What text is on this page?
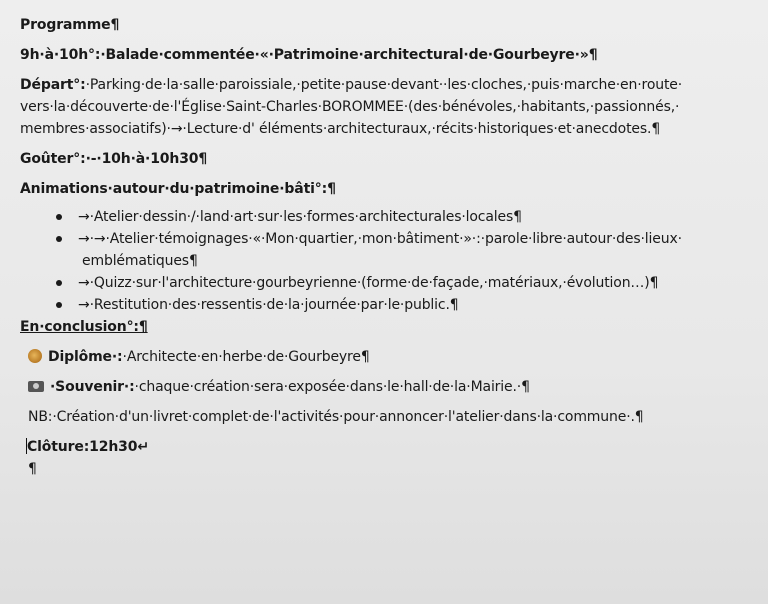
Programme¶
9h·à·10h°:·Balade·commentée·«·Patrimoine·architectural·de·Gourbeyre·»¶
Départ°:·Parking·de·la·salle·paroissiale,·petite·pause·devant··les·cloches,·puis·marche·en·route·
vers·la·découverte·de·l'Église·Saint-Charles·BOROMMEE·(des·bénévoles,·habitants,·passionnés,·
membres·associatifs)·→·Lecture·d' éléments·architecturaux,·récits·historiques·et·anecdotes.¶
Goûter°:·-·10h·à·10h30¶
Animations·autour·du·patrimoine·bâti°:¶
→·Atelier·dessin·/·land·art·sur·les·formes·architecturales·locales¶
→·→·Atelier·témoignages·«·Mon·quartier,·mon·bâtiment·»·:·parole·libre·autour·des·lieux·
emblématiques¶
→·Quizz·sur·l'architecture·gourbeyrienne·(forme·de·façade,·matériaux,·évolution…)¶
→·Restitution·des·ressentis·de·la·journée·par·le·public.¶
En·conclusion°:¶
Diplôme·:·Architecte·en·herbe·de·Gourbeyre¶
·Souvenir·:·chaque·création·sera·exposée·dans·le·hall·de·la·Mairie.·¶
NB:·Création·d'un·livret·complet·de·l'activités·pour·annoncer·l'atelier·dans·la·commune·.¶
Clôture:12h30↵
¶
